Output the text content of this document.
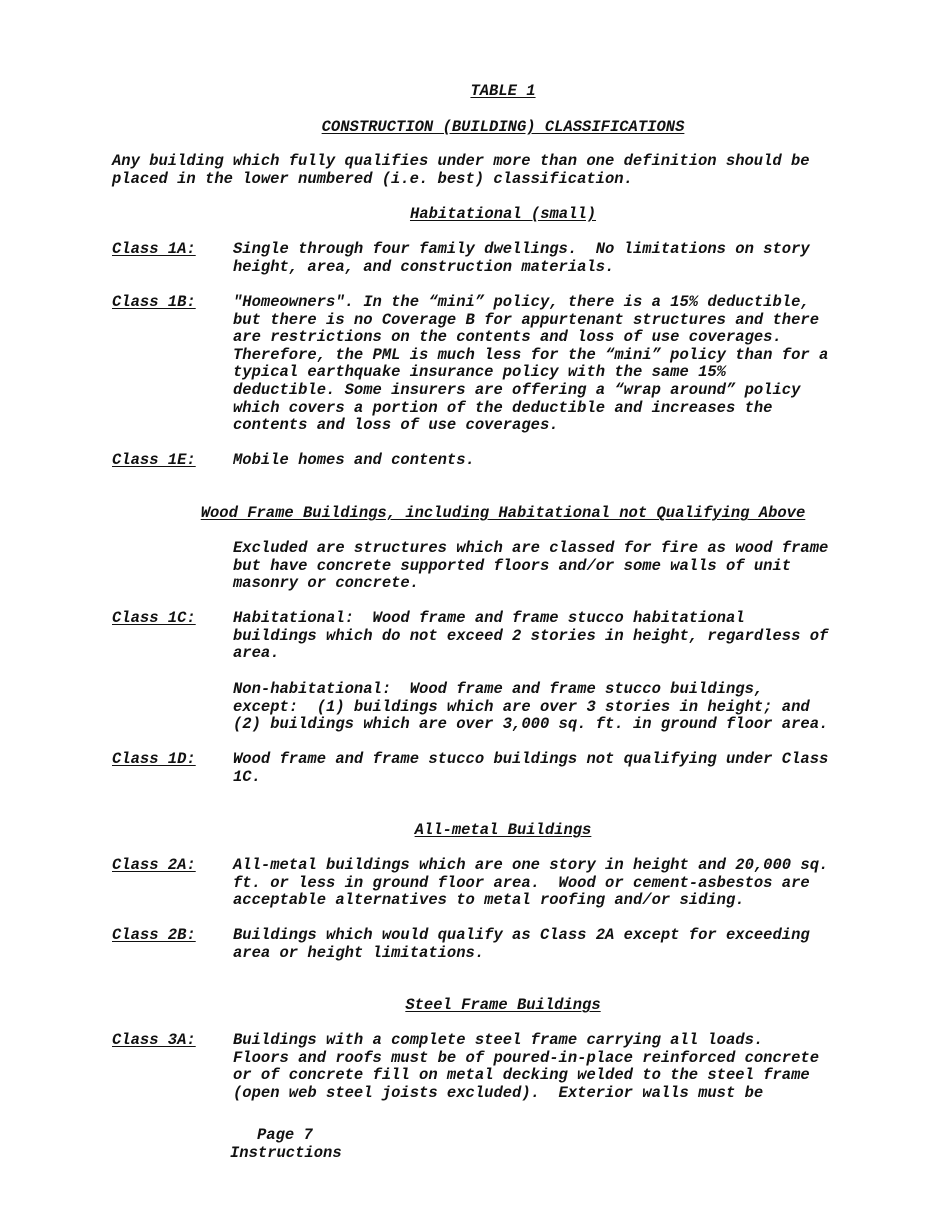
TABLE 1
CONSTRUCTION (BUILDING) CLASSIFICATIONS
Any building which fully qualifies under more than one definition should be
placed in the lower numbered (i.e. best) classification.
Habitational (small)
Class 1A: Single through four family dwellings.  No limitations on story
height, area, and construction materials.
Class 1B: "Homeowners". In the “mini” policy, there is a 15% deductible,
but there is no Coverage B for appurtenant structures and there
are restrictions on the contents and loss of use coverages.
Therefore, the PML is much less for the “mini” policy than for a
typical earthquake insurance policy with the same 15%
deductible. Some insurers are offering a “wrap around” policy
which covers a portion of the deductible and increases the
contents and loss of use coverages.
Class 1E: Mobile homes and contents.
Wood Frame Buildings, including Habitational not Qualifying Above
Excluded are structures which are classed for fire as wood frame
but have concrete supported floors and/or some walls of unit
masonry or concrete.
Class 1C: Habitational:  Wood frame and frame stucco habitational
buildings which do not exceed 2 stories in height, regardless of
area.
Non-habitational:  Wood frame and frame stucco buildings,
except:  (1) buildings which are over 3 stories in height; and
(2) buildings which are over 3,000 sq. ft. in ground floor area.
Class 1D: Wood frame and frame stucco buildings not qualifying under Class
1C.
All-metal Buildings
Class 2A: All-metal buildings which are one story in height and 20,000 sq.
ft. or less in ground floor area.  Wood or cement-asbestos are
acceptable alternatives to metal roofing and/or siding.
Class 2B: Buildings which would qualify as Class 2A except for exceeding
area or height limitations.
Steel Frame Buildings
Class 3A: Buildings with a complete steel frame carrying all loads.
Floors and roofs must be of poured-in-place reinforced concrete
or of concrete fill on metal decking welded to the steel frame
(open web steel joists excluded).  Exterior walls must be
Page 7
Instructions
